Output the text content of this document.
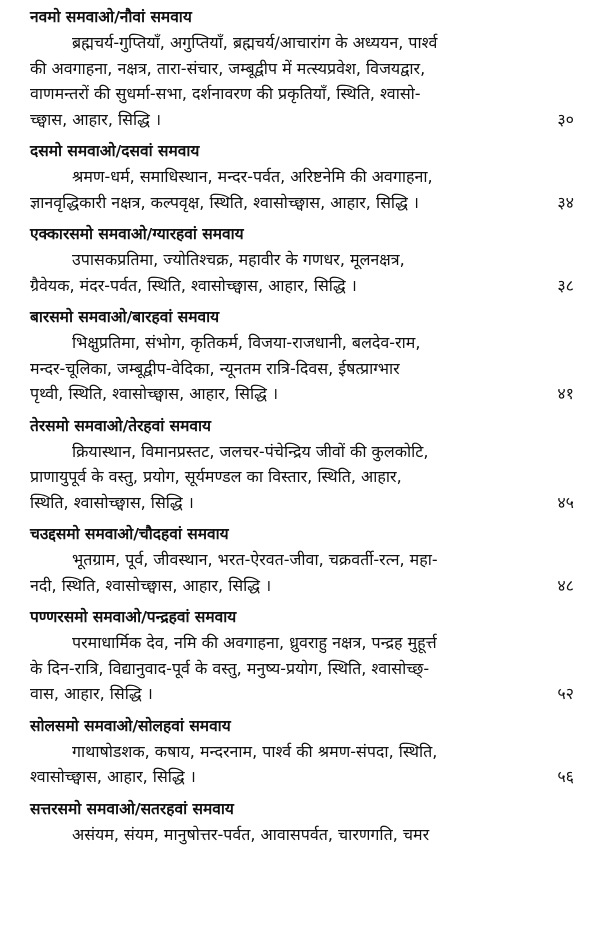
नवमो समवाओ/नौवां समवाय
ब्रह्मचर्य-गुप्तियाँ, अगुप्तियाँ, ब्रह्मचर्य/आचारांग के अध्ययन, पार्श्व
की अवगाहना, नक्षत्र, तारा-संचार, जम्बूद्वीप में मत्स्यप्रवेश, विजयद्वार,
वाणमन्तरों की सुधर्मा-सभा, दर्शनावरण की प्रकृतियाँ, स्थिति, श्वासो-
च्छ्वास, आहार, सिद्धि ।	३०
दसमो समवाओ/दसवां समवाय
श्रमण-धर्म, समाधिस्थान, मन्दर-पर्वत, अरिष्टनेमि की अवगाहना,
ज्ञानवृद्धिकारी नक्षत्र, कल्पवृक्ष, स्थिति, श्वासोच्छ्वास, आहार, सिद्धि ।	३४
एक्कारसमो समवाओ/ग्यारहवां समवाय
उपासकप्रतिमा, ज्योतिश्चक्र, महावीर के गणधर, मूलनक्षत्र,
ग्रैवेयक, मंदर-पर्वत, स्थिति, श्वासोच्छ्वास, आहार, सिद्धि ।	३८
बारसमो समवाओ/बारहवां समवाय
भिक्षुप्रतिमा, संभोग, कृतिकर्म, विजया-राजधानी, बलदेव-राम,
मन्दर-चूलिका, जम्बूद्वीप-वेदिका, न्यूनतम रात्रि-दिवस, ईषत्प्राग्भार
पृथ्वी, स्थिति, श्वासोच्छ्वास, आहार, सिद्धि ।	४१
तेरसमो समवाओ/तेरहवां समवाय
क्रियास्थान, विमानप्रस्तट, जलचर-पंचेन्द्रिय जीवों की कुलकोटि,
प्राणायुपूर्व के वस्तु, प्रयोग, सूर्यमण्डल का विस्तार, स्थिति, आहार,
स्थिति, श्वासोच्छ्वास, सिद्धि ।	४५
चउद्दसमो समवाओ/चौदहवां समवाय
भूतग्राम, पूर्व, जीवस्थान, भरत-ऐरवत-जीवा, चक्रवर्ती-रत्न, महा-
नदी, स्थिति, श्वासोच्छ्वास, आहार, सिद्धि ।	४८
पण्णरसमो समवाओ/पन्द्रहवां समवाय
परमाधार्मिक देव, नमि की अवगाहना, ध्रुवराहु नक्षत्र, पन्द्रह मुहूर्त्त
के दिन-रात्रि, विद्यानुवाद-पूर्व के वस्तु, मनुष्य-प्रयोग, स्थिति, श्वासोच्छ्-
वास, आहार, सिद्धि ।	५२
सोलसमो समवाओ/सोलहवां समवाय
गाथाषोडशक, कषाय, मन्दरनाम, पार्श्व की श्रमण-संपदा, स्थिति,
श्वासोच्छ्वास, आहार, सिद्धि ।	५६
सत्तरसमो समवाओ/सतरहवां समवाय
असंयम, संयम, मानुषोत्तर-पर्वत, आवासपर्वत, चारणगति, चमर
